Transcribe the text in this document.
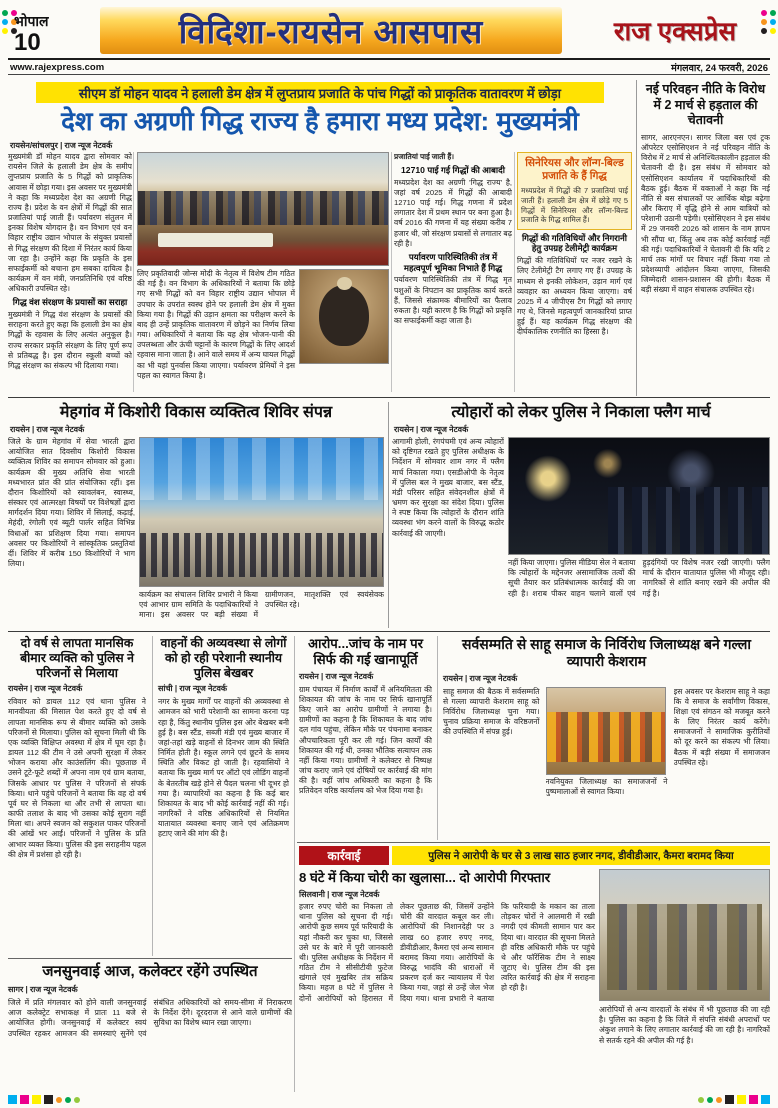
भोपाल
10	विदिशा-रायसेन आसपास	राज एक्सप्रेस
www.rajexpress.com	मंगलवार, 24 फरवरी, 2026
सीएम डॉ मोहन यादव ने हलाली डेम क्षेत्र में लुप्तप्राय प्रजाति के पांच गिद्धों को प्राकृतिक वातावरण में छोड़ा
देश का अग्रणी गिद्ध राज्य है हमारा मध्य प्रदेश: मुख्यमंत्री
रायसेन/सांचलपुर | राज न्यूज नेटवर्क
मुख्यमंत्री डॉ मोहन यादव द्वारा सोमवार को रायसेन जिले के हलाली डेम क्षेत्र के समीप लुप्तप्राय प्रजाति के 5 गिद्धों को प्राकृतिक आवास में छोड़ा गया। इस अवसर पर मुख्यमंत्री ने कहा कि मध्यप्रदेश देश का अग्रणी गिद्ध राज्य है। प्रदेश के वन क्षेत्रों में गिद्धों की सात प्रजातियां पाई जाती हैं। पर्यावरण संतुलन में इनका विशेष योगदान है। वन विभाग एवं वन विहार राष्ट्रीय उद्यान भोपाल के संयुक्त प्रयासों से गिद्ध संरक्षण की दिशा में निरंतर कार्य किया जा रहा है। उन्होंने कहा कि प्रकृति के इस सफाईकर्मी को बचाना हम सबका दायित्व है। कार्यक्रम में वन मंत्री, जनप्रतिनिधि एवं वरिष्ठ अधिकारी उपस्थित रहे।
गिद्ध वंश संरक्षण के प्रयासों का सराहा
मुख्यमंत्री ने गिद्ध वंश संरक्षण के प्रयासों की सराहना करते हुए कहा कि हलाली डेम का क्षेत्र गिद्धों के रहवास के लिए अत्यंत अनुकूल है। राज्य सरकार प्रकृति संरक्षण के लिए पूर्ण रूप से प्रतिबद्ध है। इस दौरान स्कूली बच्चों को गिद्ध संरक्षण का संकल्प भी दिलाया गया।
लिए प्रकृतिवादी जोन्स मोदी के नेतृत्व में विशेष टीम गठित की गई है। वन विभाग के अधिकारियों ने बताया कि छोड़े गए सभी गिद्धों को वन विहार राष्ट्रीय उद्यान भोपाल में उपचार के उपरांत स्वस्थ होने पर हलाली डेम क्षेत्र में मुक्त किया गया है। गिद्धों की उड़ान क्षमता का परीक्षण करने के बाद ही उन्हें प्राकृतिक वातावरण में छोड़ने का निर्णय लिया गया। अधिकारियों ने बताया कि यह क्षेत्र भोजन-पानी की उपलब्धता और ऊंची चट्टानों के कारण गिद्धों के लिए आदर्श रहवास माना जाता है। आने वाले समय में अन्य घायल गिद्धों का भी यहां पुनर्वास किया जाएगा। पर्यावरण प्रेमियों ने इस पहल का स्वागत किया है।
प्रजातियां पाई जाती हैं।
12710 पाई गई गिद्धों की आबादी
मध्यप्रदेश देश का अग्रणी 'गिद्ध राज्य' है, जहां वर्ष 2025 में गिद्धों की आबादी 12710 पाई गई। गिद्ध गणना में प्रदेश लगातार देश में प्रथम स्थान पर बना हुआ है। वर्ष 2016 की गणना में यह संख्या करीब 7 हजार थी, जो संरक्षण प्रयासों से लगातार बढ़ रही है।
पर्यावरण पारिस्थितिकी तंत्र में महत्वपूर्ण भूमिका निभाते हैं गिद्ध
पर्यावरण पारिस्थितिकी तंत्र में गिद्ध मृत पशुओं के निपटान का प्राकृतिक कार्य करते हैं, जिससे संक्रामक बीमारियों का फैलाव रुकता है। यही कारण है कि गिद्धों को प्रकृति का सफाईकर्मी कहा जाता है।
सिनेरियस और लॉन्ग-बिल्ड प्रजाति के हैं गिद्ध
मध्यप्रदेश में गिद्धों की 7 प्रजातियां पाई जाती हैं। हलाली डेम क्षेत्र में छोड़े गए 5 गिद्धों में सिनेरियस और लॉन्ग-बिल्ड प्रजाति के गिद्ध शामिल हैं।
गिद्धों की गतिविधियों और निगरानी हेतु उपग्रह टेलीमेट्री कार्यक्रम
गिद्धों की गतिविधियों पर नजर रखने के लिए टेलीमेट्री टैग लगाए गए हैं। उपग्रह के माध्यम से इनकी लोकेशन, उड़ान मार्ग एवं व्यवहार का अध्ययन किया जाएगा। वर्ष 2025 में 4 जीपीएस टैग गिद्धों को लगाए गए थे, जिनसे महत्वपूर्ण जानकारियां प्राप्त हुई हैं। यह कार्यक्रम गिद्ध संरक्षण की दीर्घकालिक रणनीति का हिस्सा है।
नई परिवहन नीति के विरोध में 2 मार्च से हड़ताल की चेतावनी
सागर, आरएनएन। सागर जिला बस एवं ट्रक ऑपरेटर एसोसिएशन ने नई परिवहन नीति के विरोध में 2 मार्च से अनिश्चितकालीन हड़ताल की चेतावनी दी है। इस संबंध में सोमवार को एसोसिएशन कार्यालय में पदाधिकारियों की बैठक हुई। बैठक में वक्ताओं ने कहा कि नई नीति से बस संचालकों पर आर्थिक बोझ बढ़ेगा और किराए में वृद्धि होने से आम यात्रियों को परेशानी उठानी पड़ेगी। एसोसिएशन ने इस संबंध में 29 जनवरी 2026 को शासन के नाम ज्ञापन भी सौंपा था, किंतु अब तक कोई कार्रवाई नहीं की गई। पदाधिकारियों ने चेतावनी दी कि यदि 2 मार्च तक मांगों पर विचार नहीं किया गया तो प्रदेशव्यापी आंदोलन किया जाएगा, जिसकी जिम्मेदारी शासन-प्रशासन की होगी। बैठक में बड़ी संख्या में वाहन संचालक उपस्थित रहे।
मेहगांव में किशोरी विकास व्यक्तित्व शिविर संपन्न
रायसेन | राज न्यूज नेटवर्क
जिले के ग्राम मेहगांव में सेवा भारती द्वारा आयोजित सात दिवसीय किशोरी विकास व्यक्तित्व शिविर का समापन सोमवार को हुआ। कार्यक्रम की मुख्य अतिथि सेवा भारती मध्यभारत प्रांत की प्रांत संयोजिका रहीं। इस दौरान किशोरियों को स्वावलंबन, स्वास्थ्य, संस्कार एवं आत्मरक्षा विषयों पर विशेषज्ञों द्वारा मार्गदर्शन दिया गया। शिविर में सिलाई, कढ़ाई, मेहंदी, रंगोली एवं ब्यूटी पार्लर सहित विभिन्न विधाओं का प्रशिक्षण दिया गया। समापन अवसर पर किशोरियों ने सांस्कृतिक प्रस्तुतियां दीं। शिविर में करीब 150 किशोरियों ने भाग लिया।
कार्यक्रम का संचालन शिविर प्रभारी ने किया एवं आभार ग्राम समिति के पदाधिकारियों ने माना। इस अवसर पर बड़ी संख्या में ग्रामीणजन, मातृशक्ति एवं स्वयंसेवक उपस्थित रहे।
त्योहारों को लेकर पुलिस ने निकाला फ्लैग मार्च
रायसेन | राज न्यूज नेटवर्क
आगामी होली, रंगपंचमी एवं अन्य त्योहारों को दृष्टिगत रखते हुए पुलिस अधीक्षक के निर्देशन में सोमवार शाम नगर में फ्लैग मार्च निकाला गया। एसडीओपी के नेतृत्व में पुलिस बल ने मुख्य बाजार, बस स्टैंड, मंडी परिसर सहित संवेदनशील क्षेत्रों में भ्रमण कर सुरक्षा का संदेश दिया। पुलिस ने स्पष्ट किया कि त्योहारों के दौरान शांति व्यवस्था भंग करने वालों के विरुद्ध कठोर कार्रवाई की जाएगी।
नहीं किया जाएगा। पुलिस मीडिया सेल ने बताया कि त्योहारों के मद्देनजर असामाजिक तत्वों की सूची तैयार कर प्रतिबंधात्मक कार्रवाई की जा रही है। शराब पीकर वाहन चलाने वालों एवं हुड़दंगियों पर विशेष नजर रखी जाएगी। फ्लैग मार्च के दौरान यातायात पुलिस भी मौजूद रही। नागरिकों से शांति बनाए रखने की अपील की गई है।
दो वर्ष से लापता मानसिक बीमार व्यक्ति को पुलिस ने परिजनों से मिलाया
रायसेन | राज न्यूज नेटवर्क
रविवार को डायल 112 एवं थाना पुलिस ने मानवीयता की मिसाल पेश करते हुए दो वर्ष से लापता मानसिक रूप से बीमार व्यक्ति को उसके परिजनों से मिलाया। पुलिस को सूचना मिली थी कि एक व्यक्ति विक्षिप्त अवस्था में क्षेत्र में घूम रहा है। डायल 112 की टीम ने उसे अपनी सुरक्षा में लेकर भोजन कराया और काउंसलिंग की। पूछताछ में उसने टूटे-फूटे शब्दों में अपना नाम एवं ग्राम बताया, जिसके आधार पर पुलिस ने परिजनों से संपर्क किया। थाने पहुंचे परिजनों ने बताया कि वह दो वर्ष पूर्व घर से निकला था और तभी से लापता था। काफी तलाश के बाद भी उसका कोई सुराग नहीं मिला था। अपने स्वजन को सकुशल पाकर परिजनों की आंखें भर आईं। परिजनों ने पुलिस के प्रति आभार व्यक्त किया। पुलिस की इस सराहनीय पहल की क्षेत्र में प्रशंसा हो रही है।
वाहनों की अव्यवस्था से लोगों को हो रही परेशानी स्थानीय पुलिस बेखबर
सांची | राज न्यूज नेटवर्क
नगर के मुख्य मार्गों पर वाहनों की अव्यवस्था से आमजन को भारी परेशानी का सामना करना पड़ रहा है, किंतु स्थानीय पुलिस इस ओर बेखबर बनी हुई है। बस स्टैंड, सब्जी मंडी एवं मुख्य बाजार में जहां-तहां खड़े वाहनों से दिनभर जाम की स्थिति निर्मित होती है। स्कूल लगने एवं छूटने के समय स्थिति और विकट हो जाती है। रहवासियों ने बताया कि मुख्य मार्ग पर ऑटो एवं लोडिंग वाहनों के बेतरतीब खड़े होने से पैदल चलना भी दूभर हो गया है। व्यापारियों का कहना है कि कई बार शिकायत के बाद भी कोई कार्रवाई नहीं की गई। नागरिकों ने वरिष्ठ अधिकारियों से नियमित यातायात व्यवस्था बनाए जाने एवं अतिक्रमण हटाए जाने की मांग की है।
आरोप...जांच के नाम पर सिर्फ की गई खानापूर्ति
रायसेन | राज न्यूज नेटवर्क
ग्राम पंचायत में निर्माण कार्यों में अनियमितता की शिकायत की जांच के नाम पर सिर्फ खानापूर्ति किए जाने का आरोप ग्रामीणों ने लगाया है। ग्रामीणों का कहना है कि शिकायत के बाद जांच दल गांव पहुंचा, लेकिन मौके पर पंचनामा बनाकर औपचारिकता पूरी कर ली गई। जिन कार्यों की शिकायत की गई थी, उनका भौतिक सत्यापन तक नहीं किया गया। ग्रामीणों ने कलेक्टर से निष्पक्ष जांच कराए जाने एवं दोषियों पर कार्रवाई की मांग की है। वहीं जांच अधिकारी का कहना है कि प्रतिवेदन वरिष्ठ कार्यालय को भेज दिया गया है।
सर्वसम्मति से साहू समाज के निर्विरोध जिलाध्यक्ष बने गल्ला व्यापारी केशराम
रायसेन | राज न्यूज नेटवर्क
साहू समाज की बैठक में सर्वसम्मति से गल्ला व्यापारी केशराम साहू को निर्विरोध जिलाध्यक्ष चुना गया। चुनाव प्रक्रिया समाज के वरिष्ठजनों की उपस्थिति में संपन्न हुई।
नवनियुक्त जिलाध्यक्ष का समाजजनों ने पुष्पमालाओं से स्वागत किया।
इस अवसर पर केशराम साहू ने कहा कि वे समाज के सर्वांगीण विकास, शिक्षा एवं संगठन को मजबूत करने के लिए निरंतर कार्य करेंगे। समाजजनों ने सामाजिक कुरीतियों को दूर करने का संकल्प भी लिया। बैठक में बड़ी संख्या में समाजजन उपस्थित रहे।
कार्रवाई	पुलिस ने आरोपी के घर से 3 लाख साठ हजार नगद, डीवीडीआर, कैमरा बरामद किया
8 घंटे में किया चोरी का खुलासा... दो आरोपी गिरफ्तार
सिलवानी | राज न्यूज नेटवर्क
हजार रुपए चोरी का निकला तो थाना पुलिस को सूचना दी गई। आरोपी कुछ समय पूर्व फरियादी के यहां नौकरी कर चुका था, जिससे उसे घर के बारे में पूरी जानकारी थी। पुलिस अधीक्षक के निर्देशन में गठित टीम ने सीसीटीवी फुटेज खंगाले एवं मुखबिर तंत्र सक्रिय किया। महज 8 घंटे में पुलिस ने दोनों आरोपियों को हिरासत में लेकर पूछताछ की, जिसमें उन्होंने चोरी की वारदात कबूल कर ली। आरोपियों की निशानदेही पर 3 लाख 60 हजार रुपए नगद, डीवीडीआर, कैमरा एवं अन्य सामान बरामद किया गया। आरोपियों के विरुद्ध भादंवि की धाराओं में प्रकरण दर्ज कर न्यायालय में पेश किया गया, जहां से उन्हें जेल भेज दिया गया। थाना प्रभारी ने बताया कि फरियादी के मकान का ताला तोड़कर चोरों ने आलमारी में रखी नगदी एवं कीमती सामान पार कर दिया था। वारदात की सूचना मिलते ही वरिष्ठ अधिकारी मौके पर पहुंचे थे और फॉरेंसिक टीम ने साक्ष्य जुटाए थे। पुलिस टीम की इस त्वरित कार्रवाई की क्षेत्र में सराहना हो रही है।
आरोपियों से अन्य वारदातों के संबंध में भी पूछताछ की जा रही है। पुलिस का कहना है कि जिले में संपत्ति संबंधी अपराधों पर अंकुश लगाने के लिए लगातार कार्रवाई की जा रही है। नागरिकों से सतर्क रहने की अपील की गई है।
जनसुनवाई आज, कलेक्टर रहेंगे उपस्थित
सागर | राज न्यूज नेटवर्क
जिले में प्रति मंगलवार को होने वाली जनसुनवाई आज कलेक्ट्रेट सभाकक्ष में प्रातः 11 बजे से आयोजित होगी। जनसुनवाई में कलेक्टर स्वयं उपस्थित रहकर आमजन की समस्याएं सुनेंगे एवं संबंधित अधिकारियों को समय-सीमा में निराकरण के निर्देश देंगे। दूरदराज से आने वाले ग्रामीणों की सुविधा का विशेष ध्यान रखा जाएगा।
